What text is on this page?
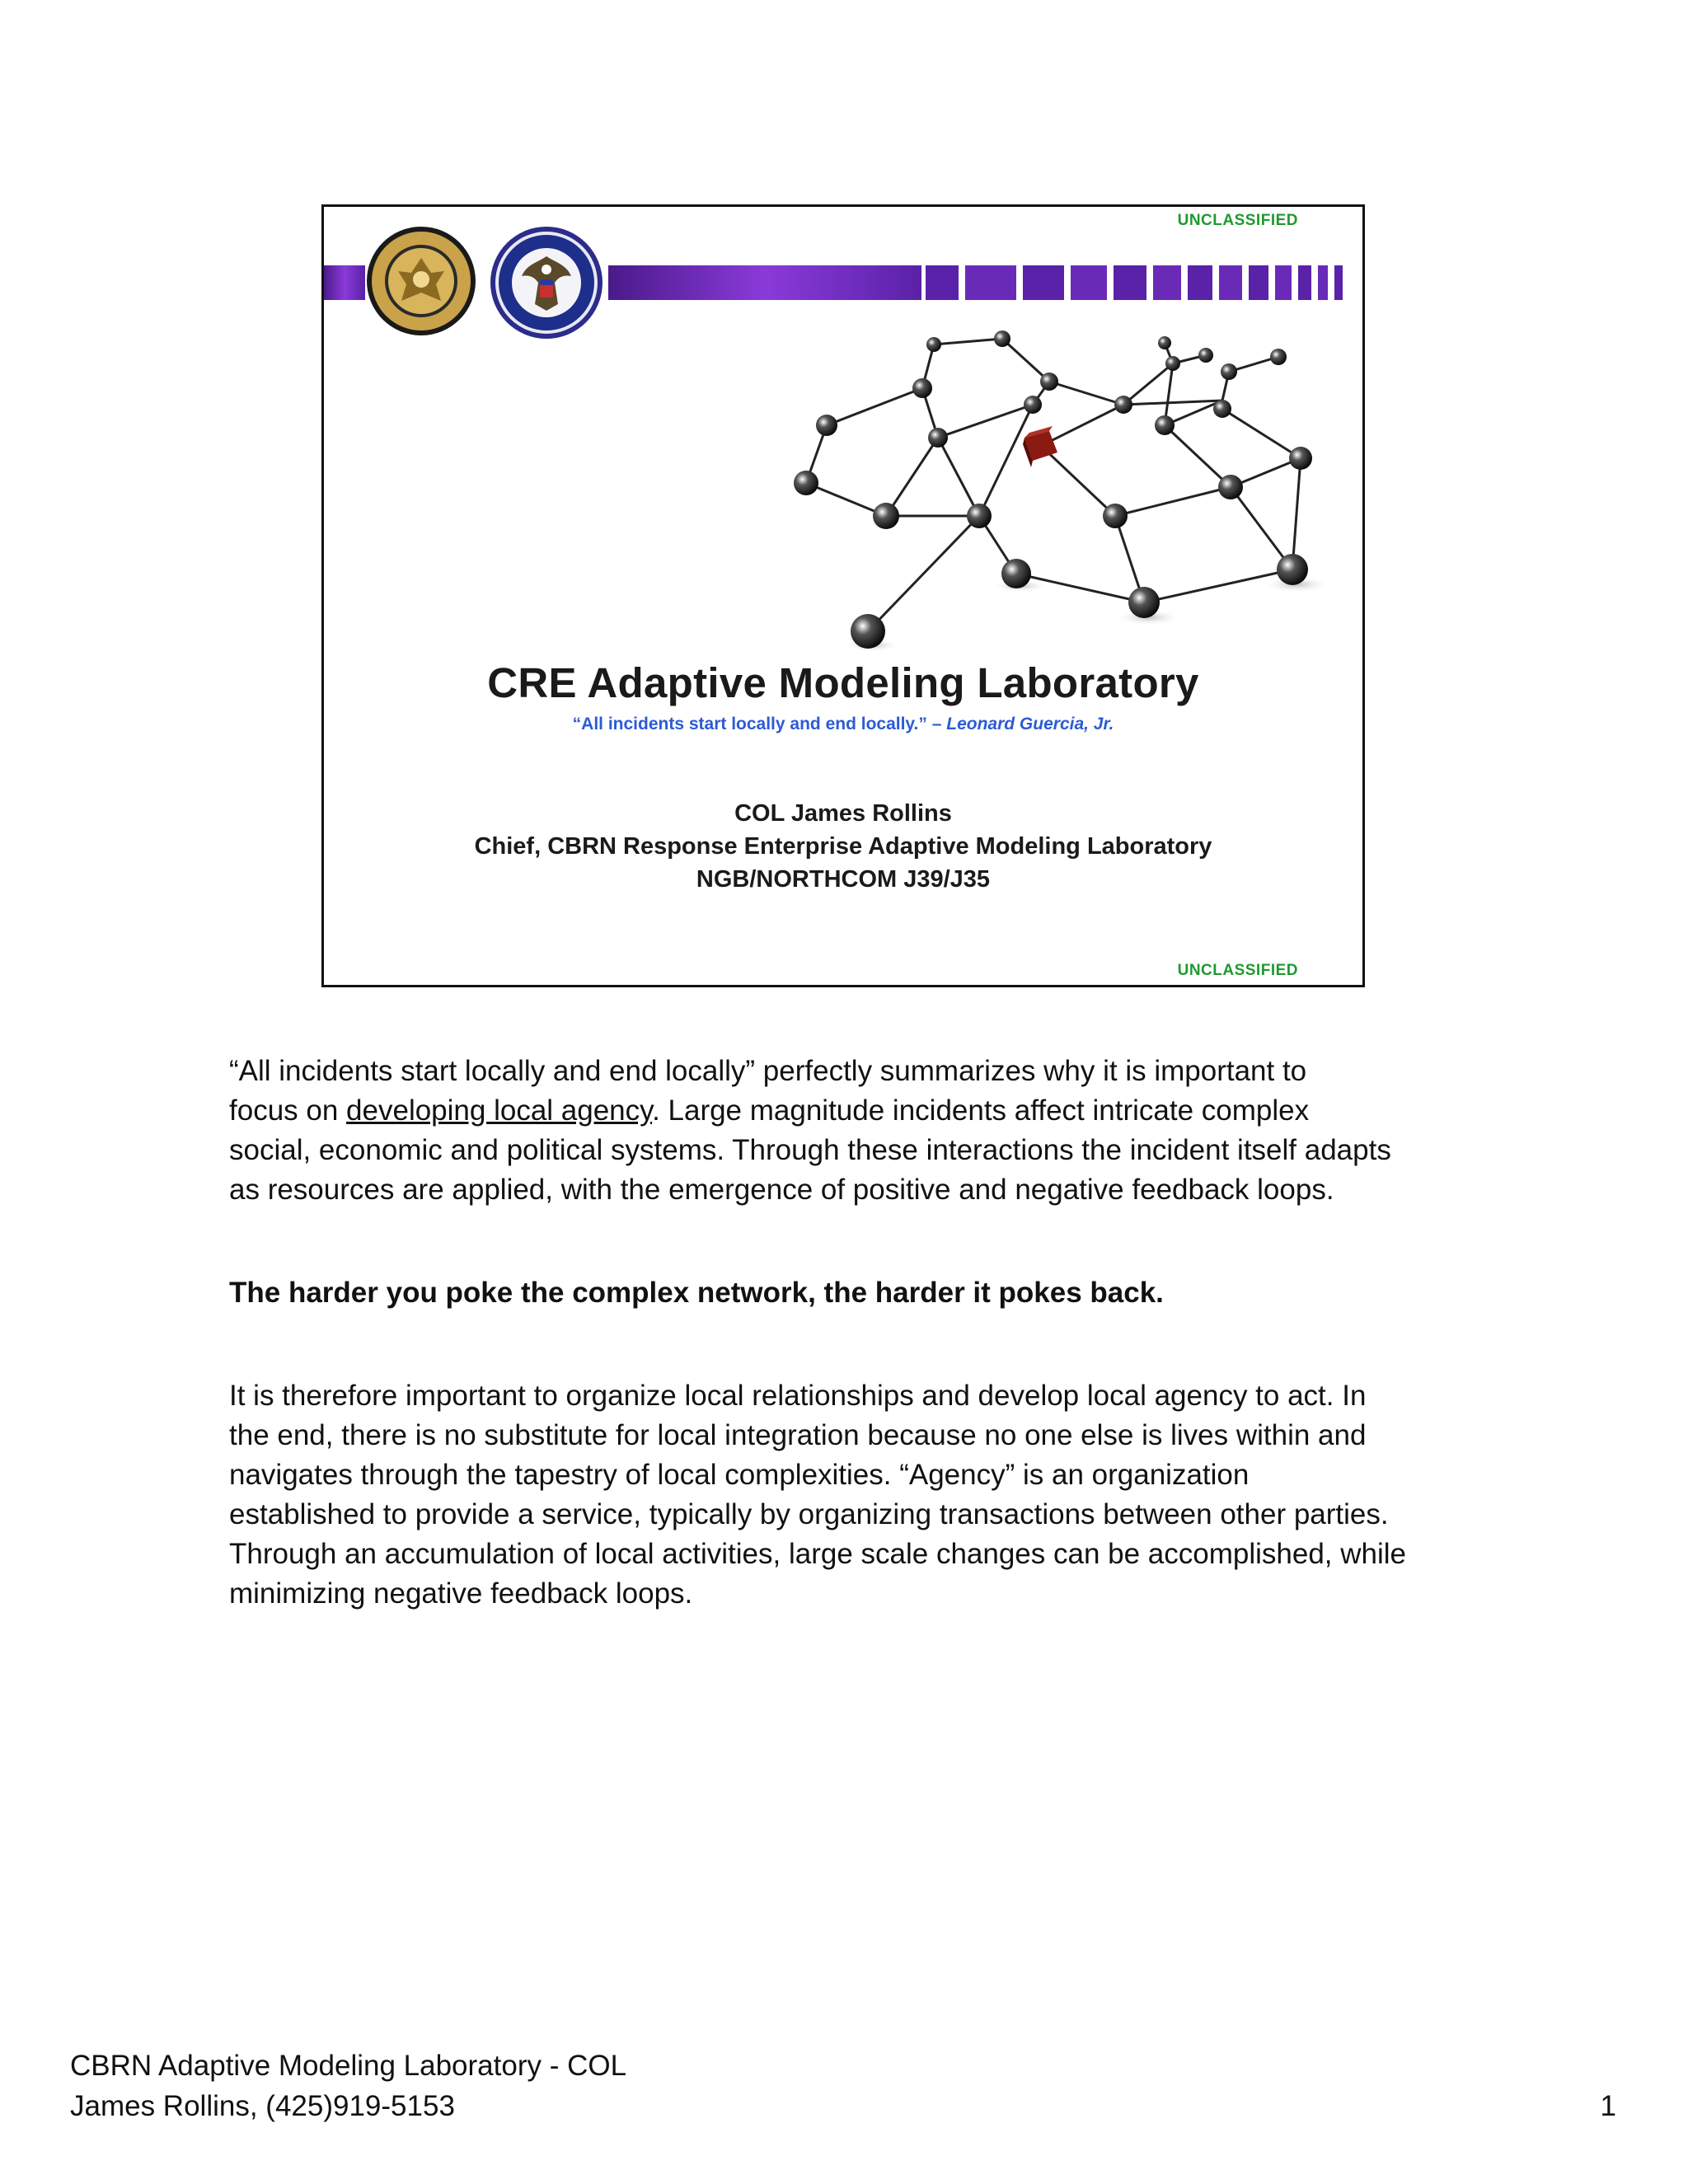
UNCLASSIFIED
CRE Adaptive Modeling Laboratory
“All incidents start locally and end locally.” – Leonard Guercia, Jr.
COL James Rollins
Chief, CBRN Response Enterprise Adaptive Modeling Laboratory
NGB/NORTHCOM J39/J35
UNCLASSIFIED

“All incidents start locally and end locally” perfectly summarizes why it is important to

focus on developing local agency. Large magnitude incidents affect intricate complex

social, economic and political systems. Through these interactions the incident itself adapts

as resources are applied, with the emergence of positive and negative feedback loops.

The harder you poke the complex network, the harder it pokes back.

It is therefore important to organize local relationships and develop local agency to act. In

the end, there is no substitute for local integration because no one else is lives within and

navigates through the tapestry of local complexities. “Agency” is an organization

established to provide a service, typically by organizing transactions between other parties.

Through an accumulation of local activities, large scale changes can be accomplished, while

minimizing negative feedback loops.

CBRN Adaptive Modeling Laboratory - COL
James Rollins, (425)919-5153	1
